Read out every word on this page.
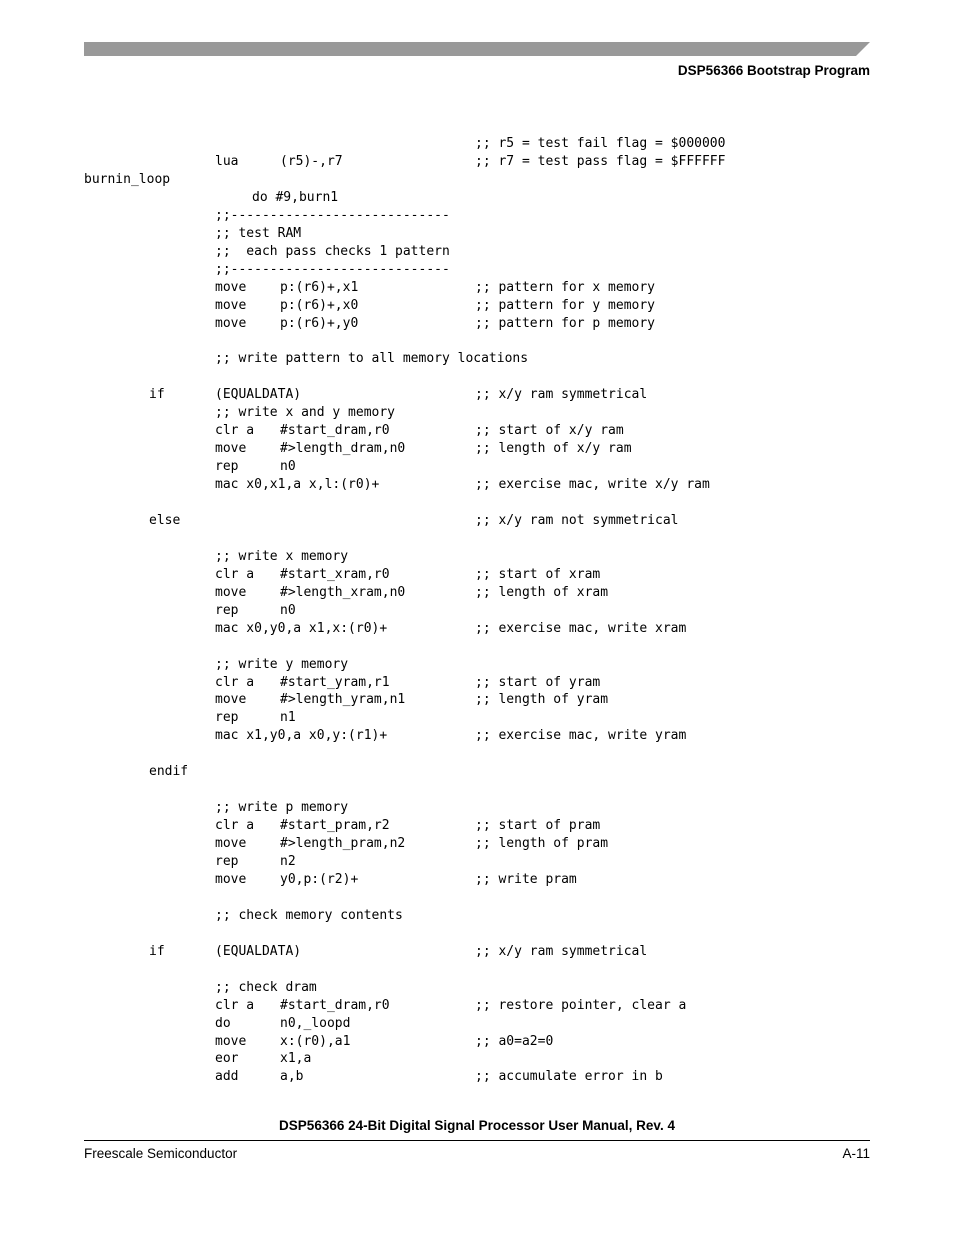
DSP56366 Bootstrap Program
;; r5 = test fail flag = $000000
lua	(r5)-,r7	;; r7 = test pass flag = $FFFFFF
burnin_loop
do #9,burn1
;;----------------------------
;; test RAM
;;  each pass checks 1 pattern
;;----------------------------
move	p:(r6)+,x1	;; pattern for x memory
move	p:(r6)+,x0	;; pattern for y memory
move	p:(r6)+,y0	;; pattern for p memory
;; write pattern to all memory locations
if	(EQUALDATA)	;; x/y ram symmetrical
;; write x and y memory
clr a #start_dram,r0	;; start of x/y ram
move	#>length_dram,n0	;; length of x/y ram
rep	n0
mac x0,x1,a x,l:(r0)+	;; exercise mac, write x/y ram
else	;; x/y ram not symmetrical
;; write x memory
clr a #start_xram,r0	;; start of xram
move	#>length_xram,n0	;; length of xram
rep	n0
mac x0,y0,a x1,x:(r0)+	;; exercise mac, write xram
;; write y memory
clr a #start_yram,r1	;; start of yram
move	#>length_yram,n1	;; length of yram
rep	n1
mac x1,y0,a x0,y:(r1)+	;; exercise mac, write yram
endif
;; write p memory
clr a #start_pram,r2	;; start of pram
move	#>length_pram,n2	;; length of pram
rep	n2
move	y0,p:(r2)+	;; write pram
;; check memory contents
if	(EQUALDATA)	;; x/y ram symmetrical
;; check dram
clr a #start_dram,r0	;; restore pointer, clear a
do	n0,_loopd
move	x:(r0),a1	;; a0=a2=0
eor	x1,a
add	a,b	;; accumulate error in b
DSP56366 24-Bit Digital Signal Processor User Manual, Rev. 4
Freescale Semiconductor	A-11
